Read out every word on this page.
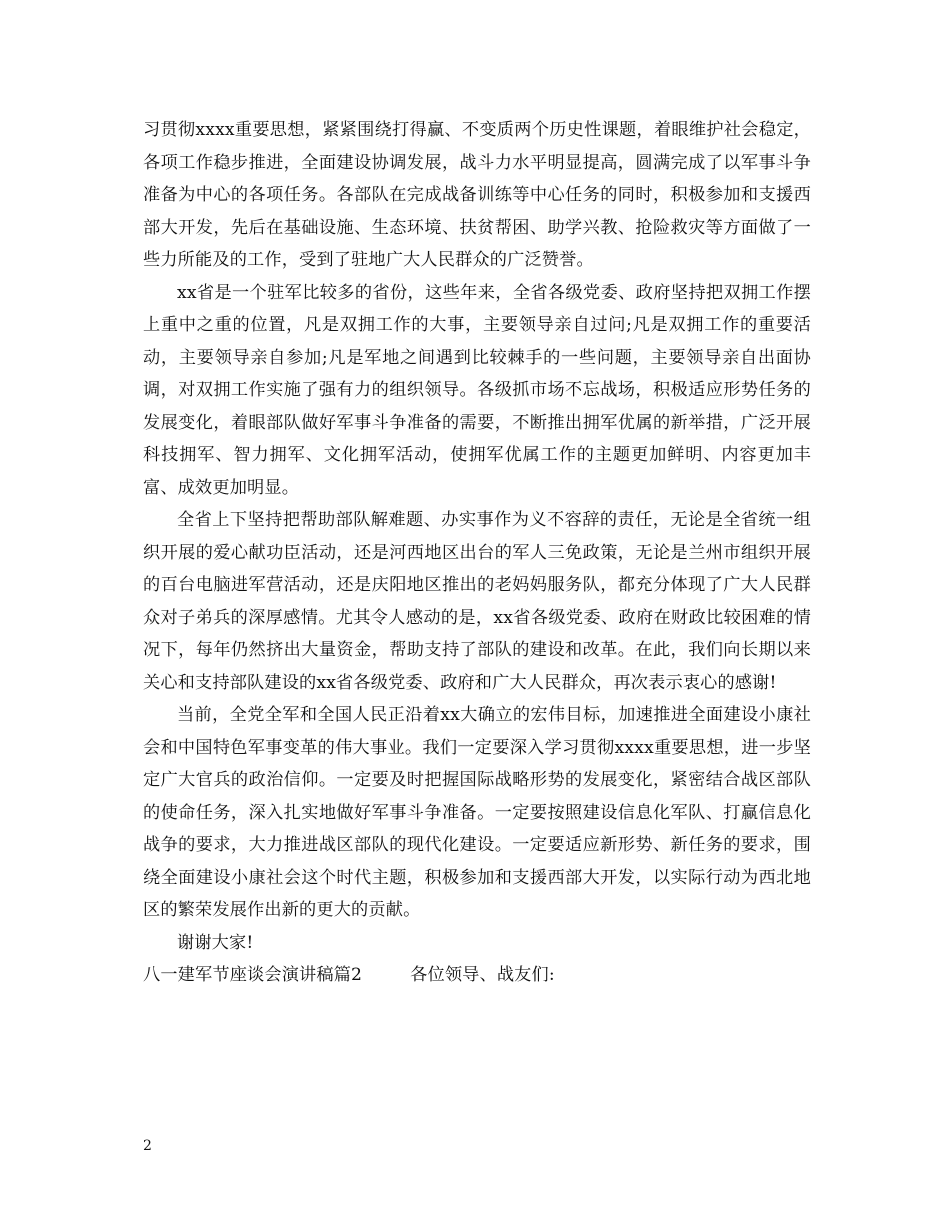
习贯彻xxxx重要思想，紧紧围绕打得赢、不变质两个历史性课题，着眼维护社会稳定，各项工作稳步推进，全面建设协调发展，战斗力水平明显提高，圆满完成了以军事斗争准备为中心的各项任务。各部队在完成战备训练等中心任务的同时，积极参加和支援西部大开发，先后在基础设施、生态环境、扶贫帮困、助学兴教、抢险救灾等方面做了一些力所能及的工作，受到了驻地广大人民群众的广泛赞誉。

xx省是一个驻军比较多的省份，这些年来，全省各级党委、政府坚持把双拥工作摆上重中之重的位置，凡是双拥工作的大事，主要领导亲自过问;凡是双拥工作的重要活动，主要领导亲自参加;凡是军地之间遇到比较棘手的一些问题，主要领导亲自出面协调，对双拥工作实施了强有力的组织领导。各级抓市场不忘战场，积极适应形势任务的发展变化，着眼部队做好军事斗争准备的需要，不断推出拥军优属的新举措，广泛开展科技拥军、智力拥军、文化拥军活动，使拥军优属工作的主题更加鲜明、内容更加丰富、成效更加明显。

全省上下坚持把帮助部队解难题、办实事作为义不容辞的责任，无论是全省统一组织开展的爱心献功臣活动，还是河西地区出台的军人三免政策，无论是兰州市组织开展的百台电脑进军营活动，还是庆阳地区推出的老妈妈服务队，都充分体现了广大人民群众对子弟兵的深厚感情。尤其令人感动的是，xx省各级党委、政府在财政比较困难的情况下，每年仍然挤出大量资金，帮助支持了部队的建设和改革。在此，我们向长期以来关心和支持部队建设的xx省各级党委、政府和广大人民群众，再次表示衷心的感谢!

当前，全党全军和全国人民正沿着xx大确立的宏伟目标，加速推进全面建设小康社会和中国特色军事变革的伟大事业。我们一定要深入学习贯彻xxxx重要思想，进一步坚定广大官兵的政治信仰。一定要及时把握国际战略形势的发展变化，紧密结合战区部队的使命任务，深入扎实地做好军事斗争准备。一定要按照建设信息化军队、打赢信息化战争的要求，大力推进战区部队的现代化建设。一定要适应新形势、新任务的要求，围绕全面建设小康社会这个时代主题，积极参加和支援西部大开发，以实际行动为西北地区的繁荣发展作出新的更大的贡献。

谢谢大家!

八一建军节座谈会演讲稿篇2	各位领导、战友们:

2
